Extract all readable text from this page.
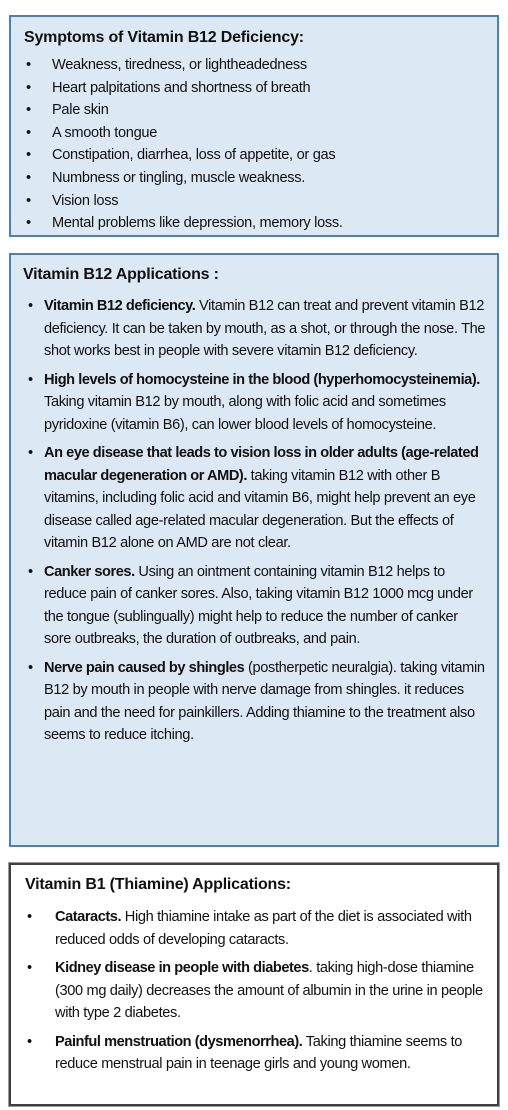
Symptoms of Vitamin B12 Deficiency:
• Weakness, tiredness, or lightheadedness
• Heart palpitations and shortness of breath
• Pale skin
• A smooth tongue
• Constipation, diarrhea, loss of appetite, or gas
• Numbness or tingling, muscle weakness.
• Vision loss
• Mental problems like depression, memory loss.
Vitamin B12 Applications :
• Vitamin B12 deficiency. Vitamin B12 can treat and prevent vitamin B12 deficiency. It can be taken by mouth, as a shot, or through the nose. The shot works best in people with severe vitamin B12 deficiency.
• High levels of homocysteine in the blood (hyperhomocysteinemia). Taking vitamin B12 by mouth, along with folic acid and sometimes pyridoxine (vitamin B6), can lower blood levels of homocysteine.
• An eye disease that leads to vision loss in older adults (age-related macular degeneration or AMD). taking vitamin B12 with other B vitamins, including folic acid and vitamin B6, might help prevent an eye disease called age-related macular degeneration. But the effects of vitamin B12 alone on AMD are not clear.
• Canker sores. Using an ointment containing vitamin B12 helps to reduce pain of canker sores. Also, taking vitamin B12 1000 mcg under the tongue (sublingually) might help to reduce the number of canker sore outbreaks, the duration of outbreaks, and pain.
• Nerve pain caused by shingles (postherpetic neuralgia). taking vitamin B12 by mouth in people with nerve damage from shingles. it reduces pain and the need for painkillers. Adding thiamine to the treatment also seems to reduce itching.
Vitamin B1 (Thiamine) Applications:
• Cataracts. High thiamine intake as part of the diet is associated with reduced odds of developing cataracts.
• Kidney disease in people with diabetes. taking high-dose thiamine (300 mg daily) decreases the amount of albumin in the urine in people with type 2 diabetes.
• Painful menstruation (dysmenorrhea). Taking thiamine seems to reduce menstrual pain in teenage girls and young women.
